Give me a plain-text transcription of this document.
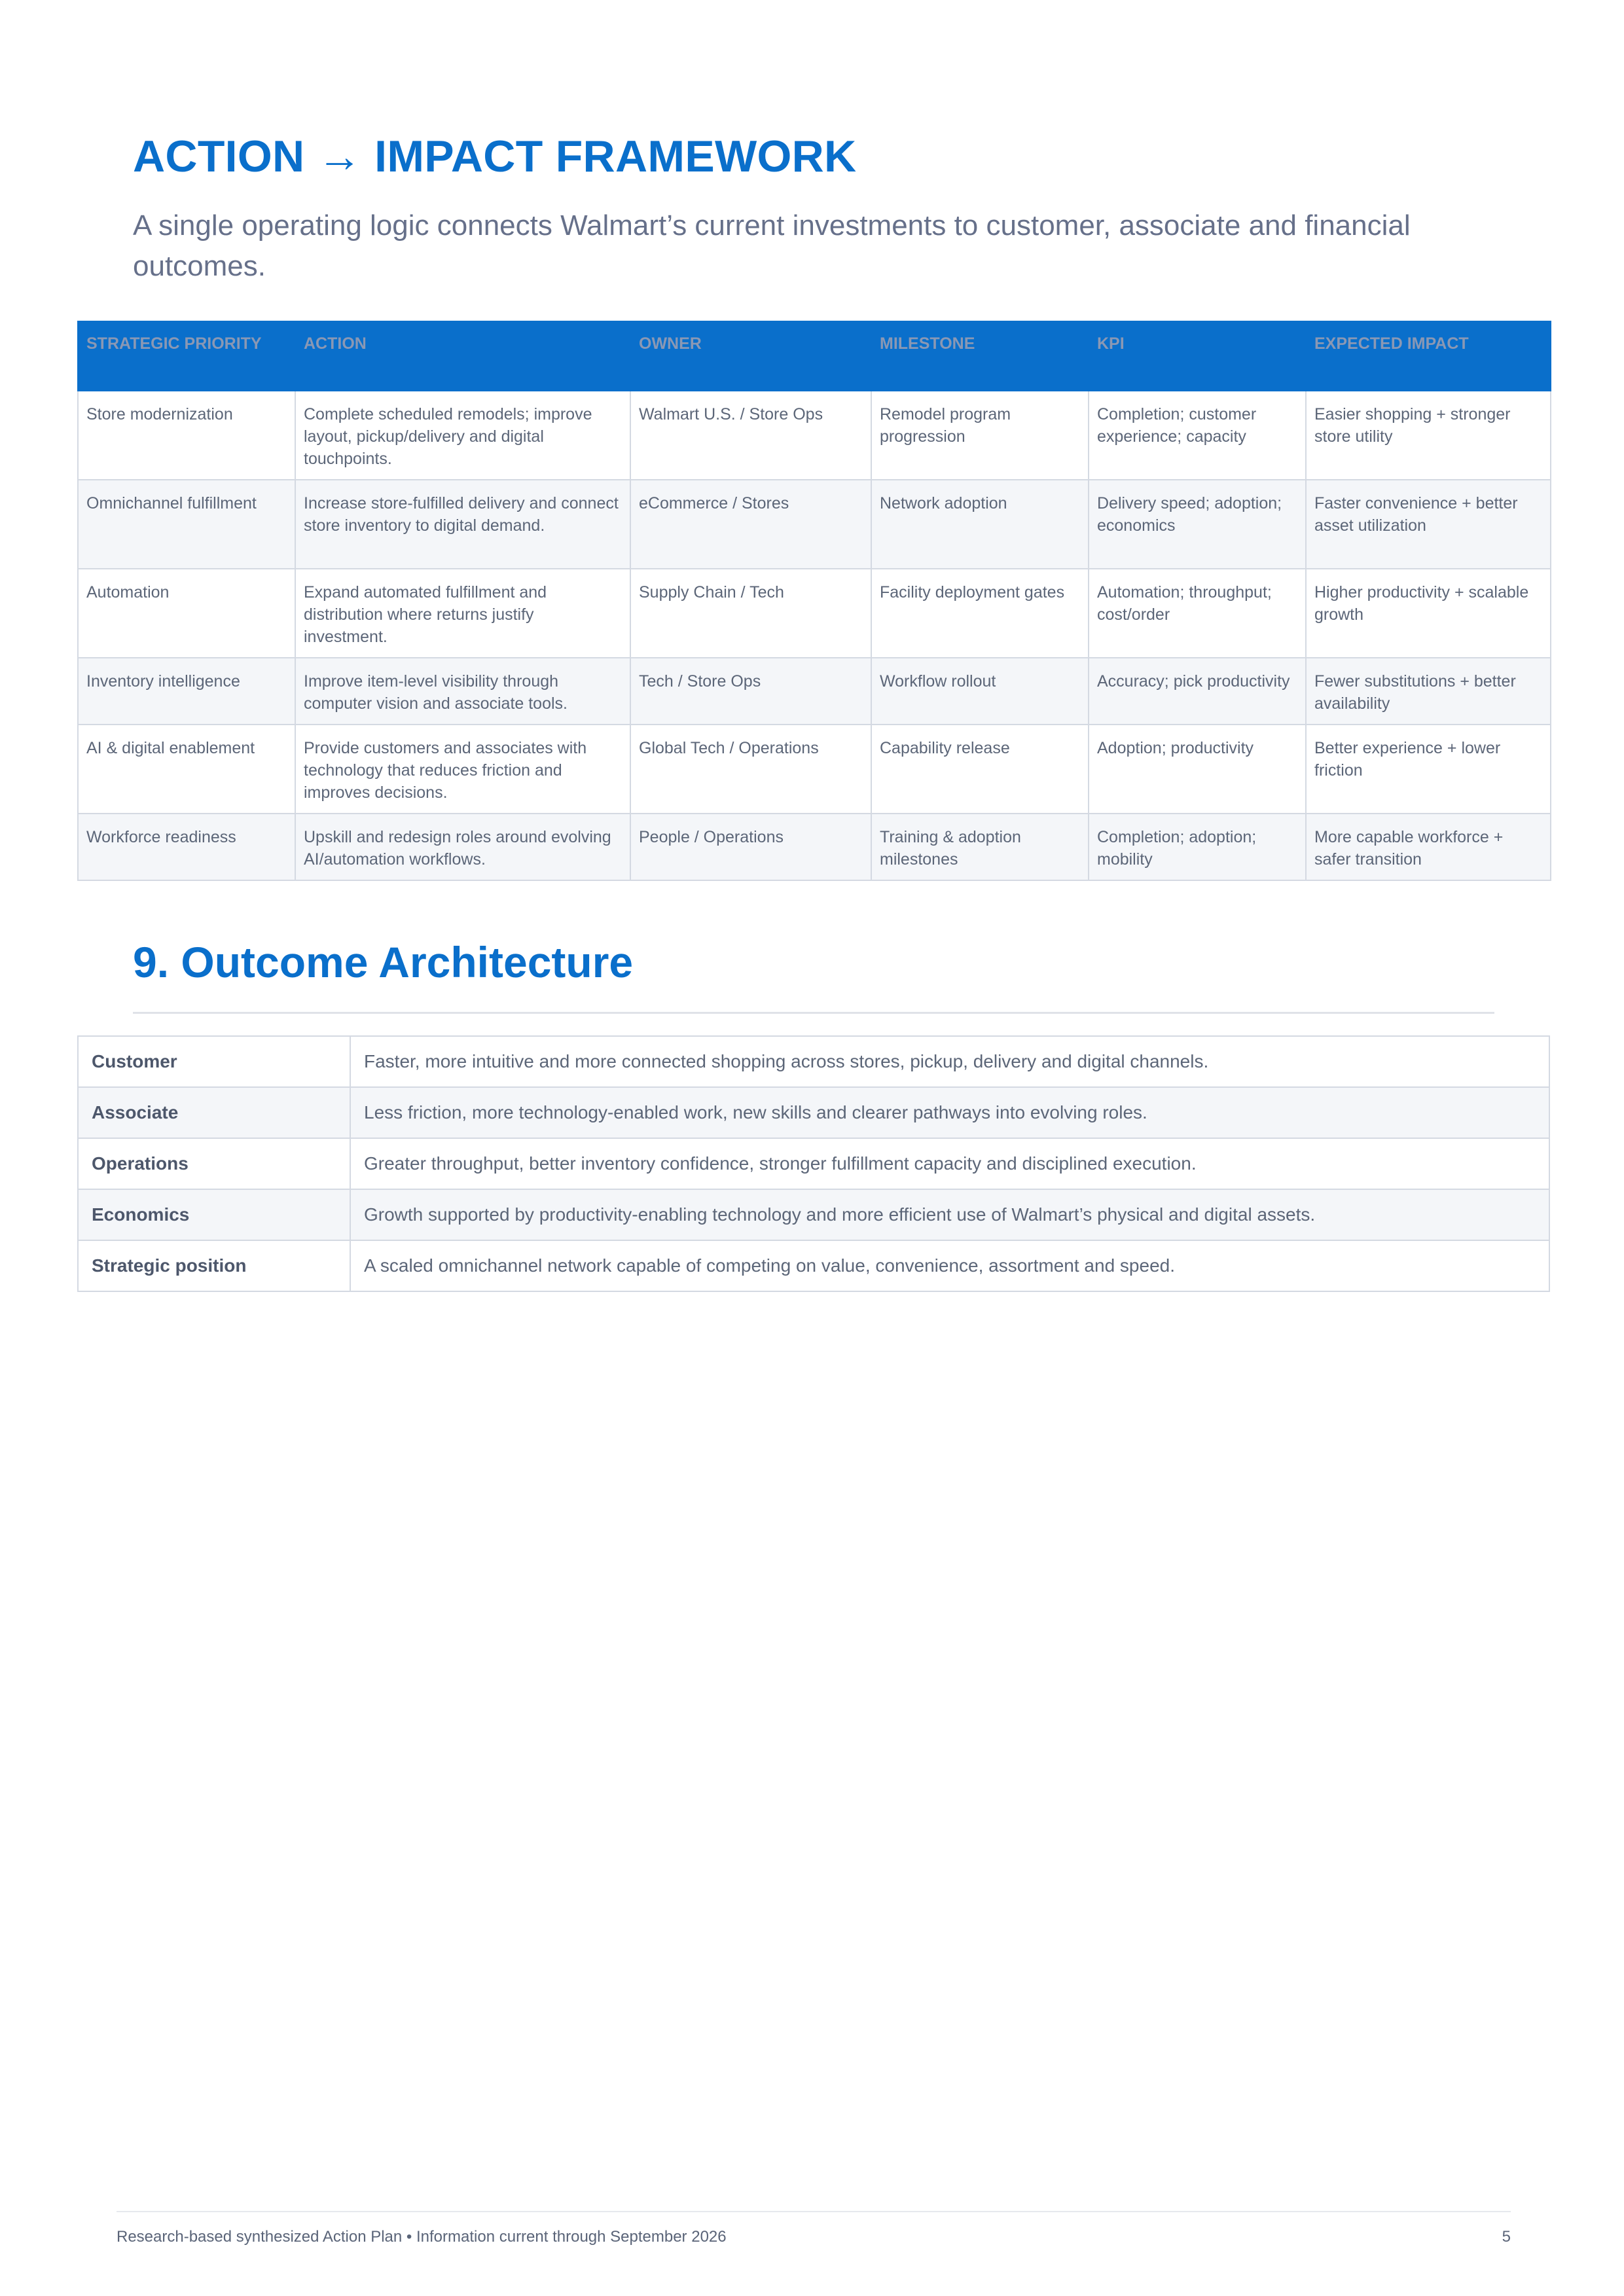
ACTION → IMPACT FRAMEWORK

A single operating logic connects Walmart’s current investments to customer, associate and financial outcomes.

STRATEGIC PRIORITY	ACTION	OWNER	MILESTONE	KPI	EXPECTED IMPACT
Store modernization	Complete scheduled remodels; improve layout, pickup/delivery and digital touchpoints.	Walmart U.S. / Store Ops	Remodel program progression	Completion; customer experience; capacity	Easier shopping + stronger store utility
Omnichannel fulfillment	Increase store-fulfilled delivery and connect store inventory to digital demand.	eCommerce / Stores	Network adoption	Delivery speed; adoption; economics	Faster convenience + better asset utilization
Automation	Expand automated fulfillment and distribution where returns justify investment.	Supply Chain / Tech	Facility deployment gates	Automation; throughput; cost/order	Higher productivity + scalable growth
Inventory intelligence	Improve item-level visibility through computer vision and associate tools.	Tech / Store Ops	Workflow rollout	Accuracy; pick productivity	Fewer substitutions + better availability
AI & digital enablement	Provide customers and associates with technology that reduces friction and improves decisions.	Global Tech / Operations	Capability release	Adoption; productivity	Better experience + lower friction
Workforce readiness	Upskill and redesign roles around evolving AI/automation workflows.	People / Operations	Training & adoption milestones	Completion; adoption; mobility	More capable workforce + safer transition
9. Outcome Architecture
Customer	Faster, more intuitive and more connected shopping across stores, pickup, delivery and digital channels.
Associate	Less friction, more technology-enabled work, new skills and clearer pathways into evolving roles.
Operations	Greater throughput, better inventory confidence, stronger fulfillment capacity and disciplined execution.
Economics	Growth supported by productivity-enabling technology and more efficient use of Walmart’s physical and digital assets.
Strategic position	A scaled omnichannel network capable of competing on value, convenience, assortment and speed.
Research-based synthesized Action Plan • Information current through September 2026	5
